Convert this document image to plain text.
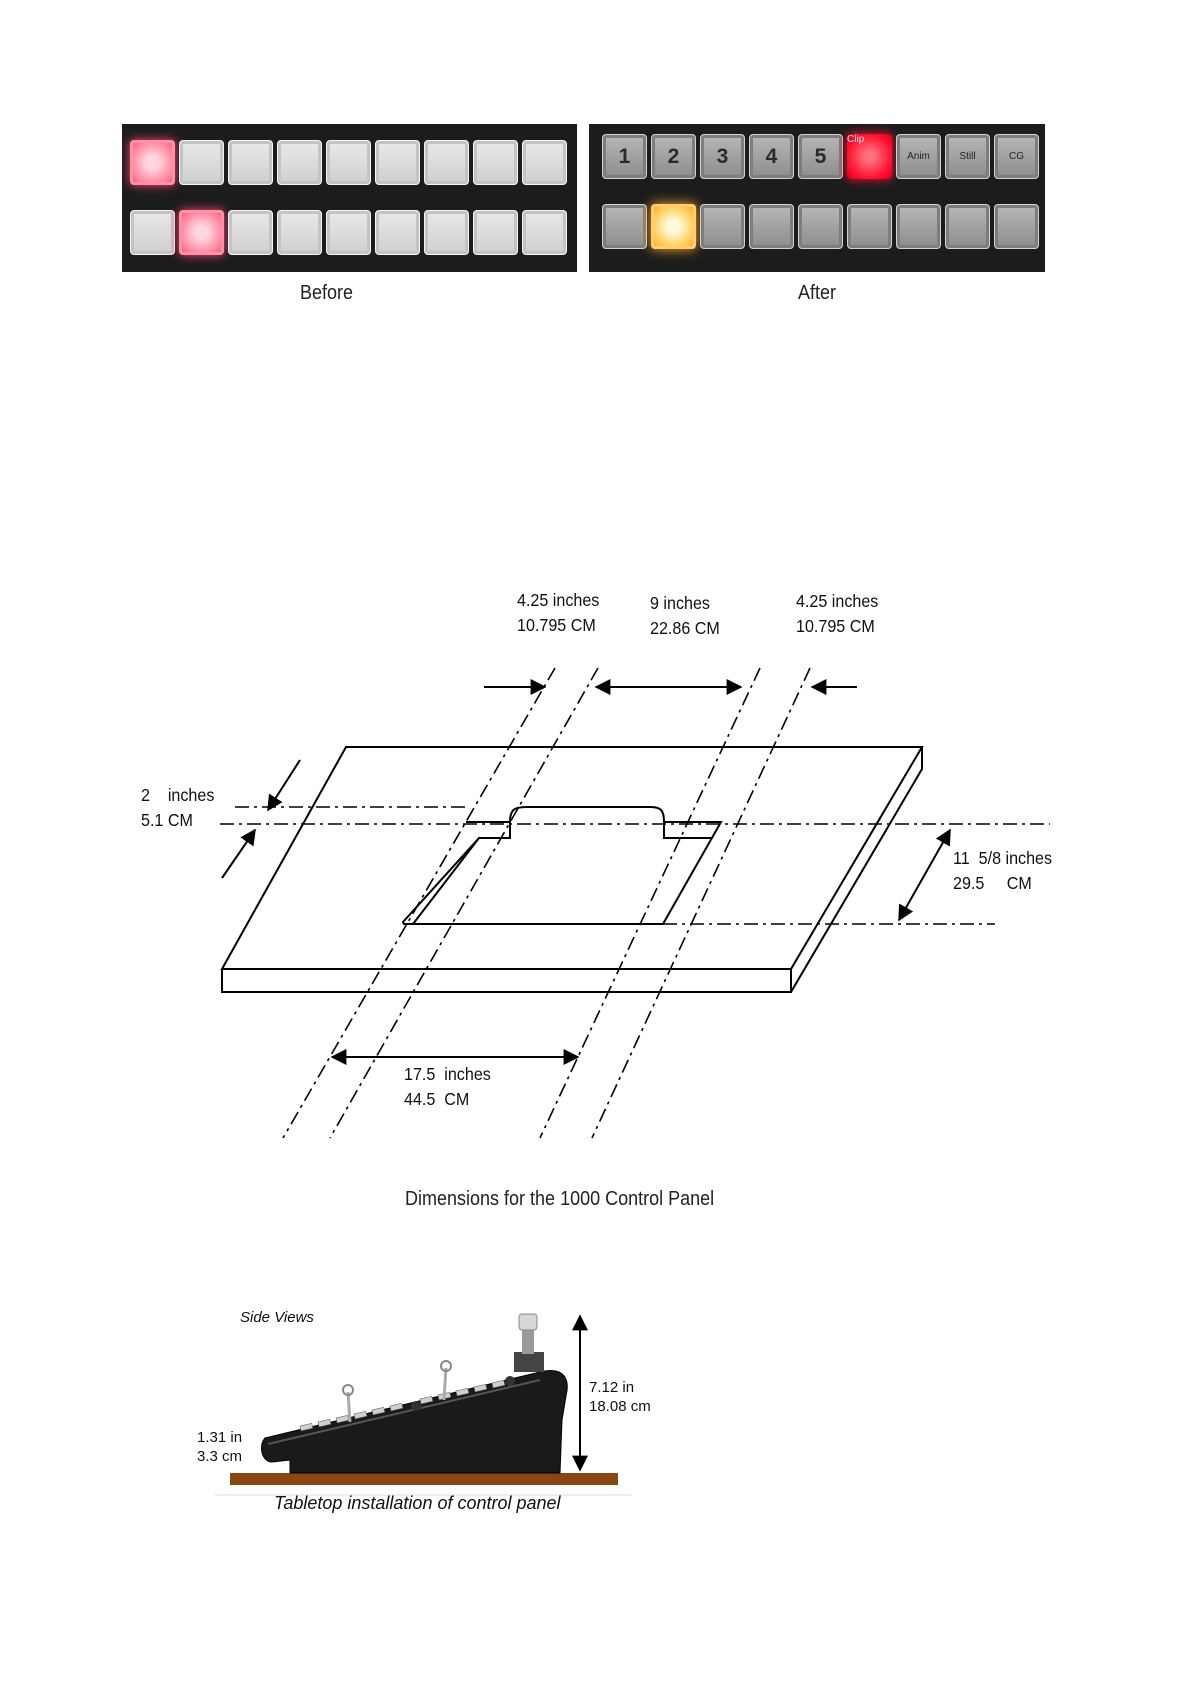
Before
1	2	3	4	5
Clip
Anim	Still	CG
After
4.25 inches
10.795 CM
9 inches
22.86 CM
4.25 inches
10.795 CM
2    inches
5.1 CM
11  5/8 inches
29.5     CM
17.5  inches
44.5  CM
Dimensions for the 1000 Control Panel
Side Views
7.12 in
18.08 cm
1.31 in
3.3 cm
Tabletop installation of control panel
